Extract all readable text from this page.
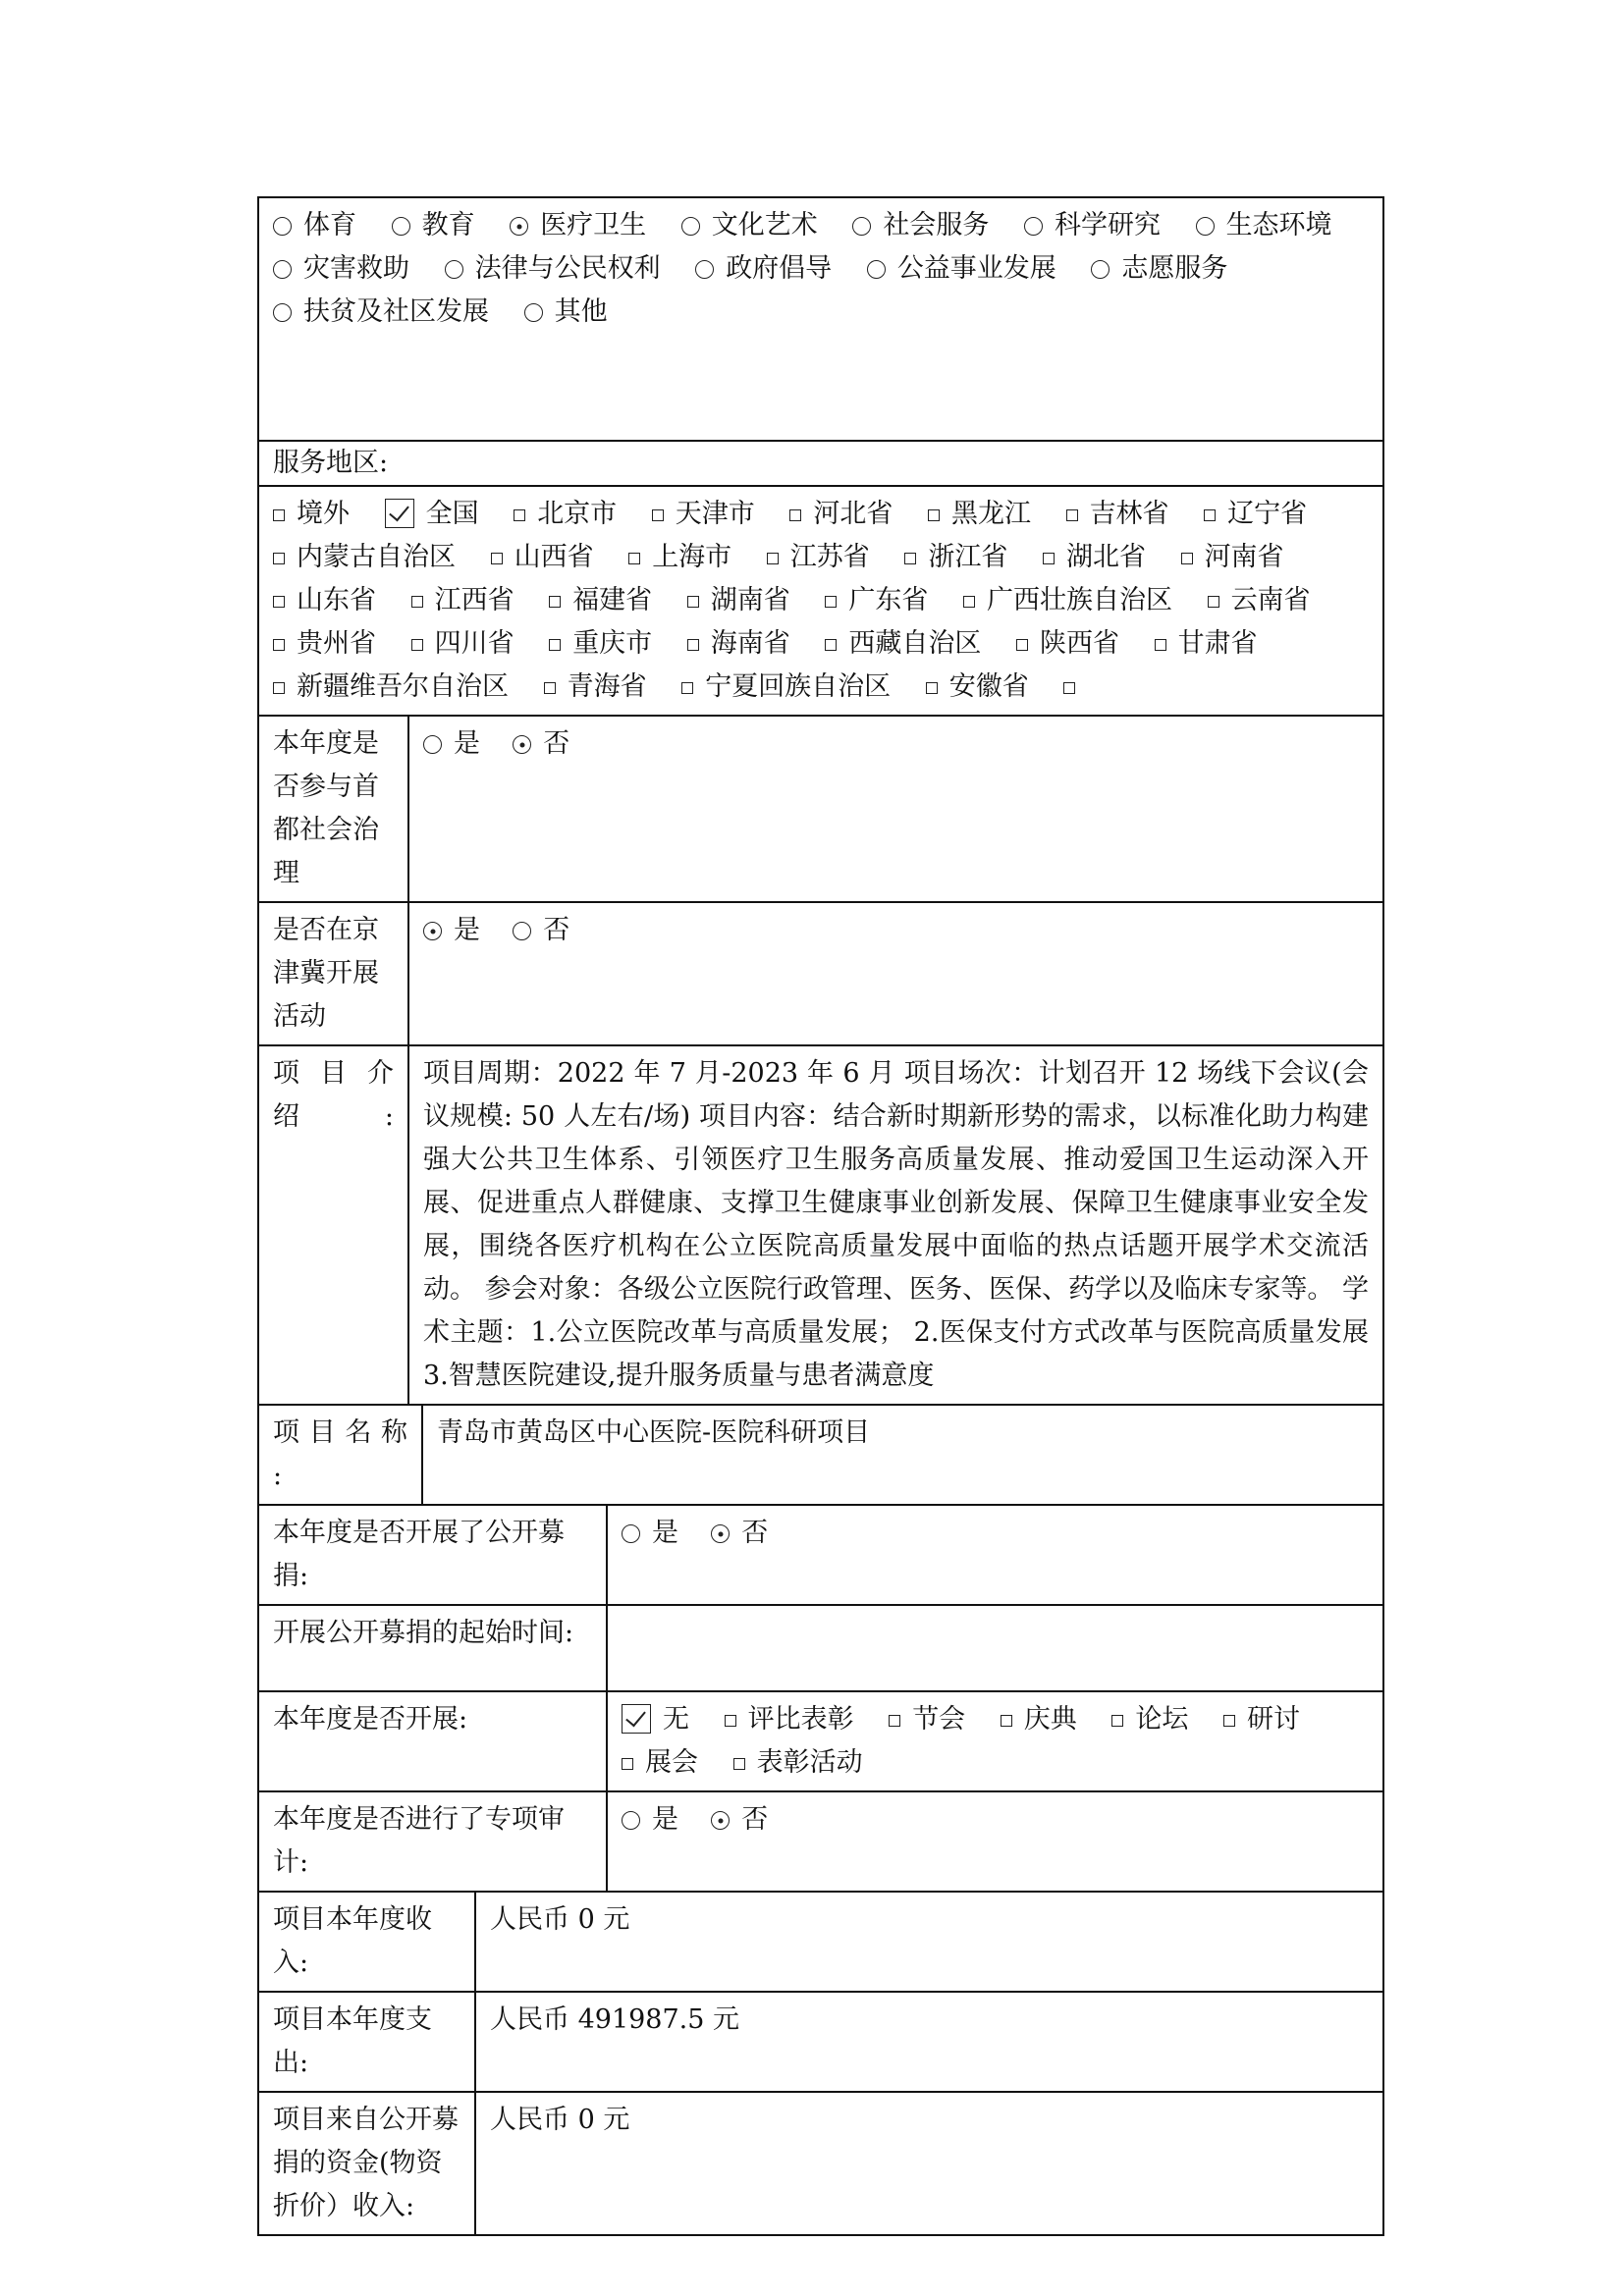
体育   教育   医疗卫生   文化艺术   社会服务   科学研究   生态环境  灾害救助   法律与公民权利   政府倡导   公益事业发展   志愿服务  扶贫及社区发展   其他	 
服务地区:	
境外   全国   北京市   天津市   河北省   黑龙江   吉林省   辽宁省  内蒙古自治区   山西省   上海市   江苏省   浙江省   湖北省   河南省  山东省   江西省   福建省   湖南省   广东省   广西壮族自治区   云南省  贵州省   四川省   重庆市   海南省   西藏自治区   陕西省   甘肃省  新疆维吾尔自治区   青海省   宁夏回族自治区   安徽省	 
本年度是否参与首都社会治理	是 否
是否在京津冀开展活动	是 否
项 目 介 绍:	项目周期：2022 年 7 月-2023 年 6 月 项目场次：计划召开 12 场线下会议(会议规模: 50 人左右/场) 项目内容：结合新时期新形势的需求，以标准化助力构建强大公共卫生体系、引领医疗卫生服务高质量发展、推动爱国卫生运动深入开展、促进重点人群健康、支撑卫生健康事业创新发展、保障卫生健康事业安全发展，围绕各医疗机构在公立医院高质量发展中面临的热点话题开展学术交流活动。 参会对象：各级公立医院行政管理、医务、医保、药学以及临床专家等。 学术主题：1.公立医院改革与高质量发展； 2.医保支付方式改革与医院高质量发展 3.智慧医院建设,提升服务质量与患者满意度
项 目 名 称 :	青岛市黄岛区中心医院-医院科研项目
本年度是否开展了公开募捐:	是 否
开展公开募捐的起始时间:	
本年度是否开展:	无   评比表彰   节会   庆典   论坛   研讨  展会   表彰活动  
本年度是否进行了专项审计:	是 否
项目本年度收入:	人民币 0 元
项目本年度支出:	人民币 491987.5 元
项目来自公开募捐的资金(物资折价）收入:	人民币 0 元
